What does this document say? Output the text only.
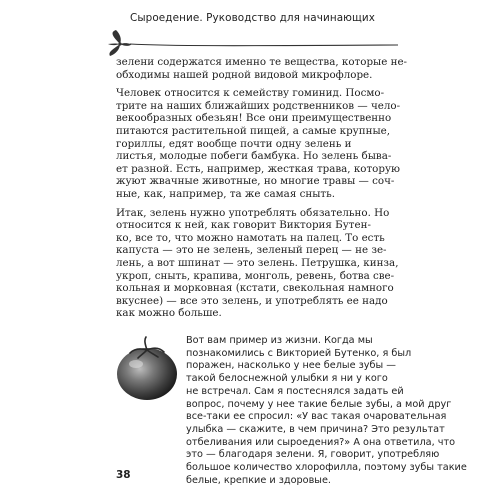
Сыроедение. Руководство для начинающих
зелени содержатся именно те вещества, которые не-
обходимы нашей родной видовой микрофлоре.
Человек относится к семейству гоминид. Посмо-
трите на наших ближайших родственников — чело-
векообразных обезьян! Все они преимущественно
питаются растительной пищей, а самые крупные,
гориллы, едят вообще почти одну зелень и
листья, молодые побеги бамбука. Но зелень быва-
ет разной. Есть, например, жесткая трава, которую
жуют жвачные животные, но многие травы — соч-
ные, как, например, та же самая сныть.
Итак, зелень нужно употреблять обязательно. Но
относится к ней, как говорит Виктория Бутен-
ко, все то, что можно намотать на палец. То есть
капуста — это не зелень, зеленый перец — не зе-
лень, а вот шпинат — это зелень. Петрушка, кинза,
укроп, сныть, крапива, монголь, ревень, ботва све-
кольная и морковная (кстати, свекольная намного
вкуснее) — все это зелень, и употреблять ее надо
как можно больше.
Вот вам пример из жизни. Когда мы
познакомились с Викторией Бутенко, я был
поражен, насколько у нее белые зубы —
такой белоснежной улыбки я ни у кого
не встречал. Сам я постеснялся задать ей
вопрос, почему у нее такие белые зубы, а мой друг
все-таки ее спросил: «У вас такая очаровательная
улыбка — скажите, в чем причина? Это результат
отбеливания или сыроедения?» А она ответила, что
это — благодаря зелени. Я, говорит, употребляю
большое количество хлорофилла, поэтому зубы такие
белые, крепкие и здоровые.
38
